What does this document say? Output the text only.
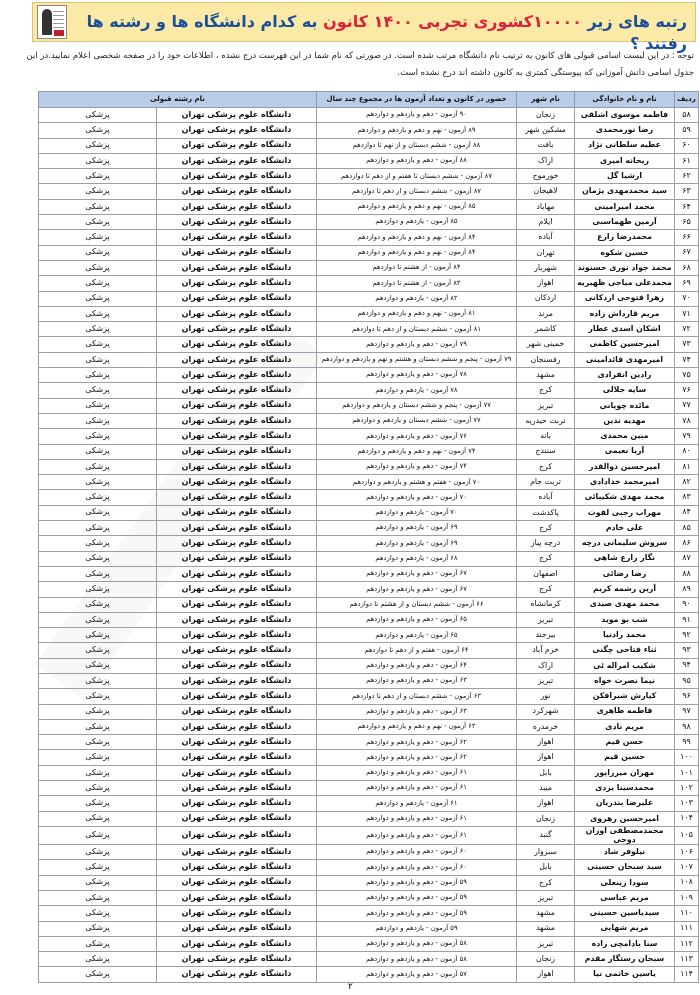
رتبه های زیر ۱۰۰۰۰کشوری تجربی ۱۴۰۰ کانون به کدام دانشگاه ها و رشته ها رفتند ؟
توجه : در این لیست اسامی قبولی های کانون به ترتیب نام دانشگاه مرتب شده است. در صورتی که نام شما در این فهرست درج نشده ، اطلاعات خود را در صفحه شخصی اعلام نمایید.در این جدول اسامی دانش آموزانی که پیوستگی کمتری به کانون داشته اند درج نشده است.
ردیف	نام و نام خانوادگی	نام شهر	حضور در کانون و تعداد آزمون ها در مجموع چند سال	نام رشته قبولی	
۵۸	فاطمه موسوی اشلقی	زنجان	۹۰ آزمون - دهم و یازدهم و دوازدهم	دانشگاه علوم پزشکی تهران	پزشکی
۵۹	رضا نورمحمدی	مشکین شهر	۸۹ آزمون - نهم و دهم و یازدهم و دوازدهم	دانشگاه علوم پزشکی تهران	پزشکی
۶۰	عطیه سلطانی نژاد	بافت	۸۸ آزمون - ششم دبستان و از نهم تا دوازدهم	دانشگاه علوم پزشکی تهران	پزشکی
۶۱	ریحانه امیری	اراک	۸۸ آزمون - دهم و یازدهم و دوازدهم	دانشگاه علوم پزشکی تهران	پزشکی
۶۲	ارشیا گل	خورموج	۸۷ آزمون - ششم دبستان تا هفتم و از دهم تا دوازدهم	دانشگاه علوم پزشکی تهران	پزشکی
۶۳	سید محمدمهدی پژمان	لاهیجان	۸۷ آزمون - ششم دبستان و از دهم تا دوازدهم	دانشگاه علوم پزشکی تهران	پزشکی
۶۴	محمد امیرامینی	مهاباد	۸۵ آزمون - نهم و دهم و یازدهم و دوازدهم	دانشگاه علوم پزشکی تهران	پزشکی
۶۵	آرمین طهماسبی	ایلام	۸۵ آزمون - یازدهم و دوازدهم	دانشگاه علوم پزشکی تهران	پزشکی
۶۶	محمدرضا زارع	آباده	۸۴ آزمون - نهم و دهم و یازدهم و دوازدهم	دانشگاه علوم پزشکی تهران	پزشکی
۶۷	حسین شکوه	تهران	۸۴ آزمون - نهم و دهم و یازدهم و دوازدهم	دانشگاه علوم پزشکی تهران	پزشکی
۶۸	محمد جواد نوری حسنوند	شهریار	۸۴ آزمون - از هشتم تا دوازدهم	دانشگاه علوم پزشکی تهران	پزشکی
۶۹	محمدعلی میاحی ظهیریه	اهواز	۸۳ آزمون - از هشتم تا دوازدهم	دانشگاه علوم پزشکی تهران	پزشکی
۷۰	زهرا فتوحی اردکانی	اردکان	۸۲ آزمون - یازدهم و دوازدهم	دانشگاه علوم پزشکی تهران	پزشکی
۷۱	مریم قارداش زاده	مرند	۸۱ آزمون - نهم و دهم و یازدهم و دوازدهم	دانشگاه علوم پزشکی تهران	پزشکی
۷۲	اشکان اسدی عطار	کاشمر	۸۱ آزمون - ششم دبستان و از دهم تا دوازدهم	دانشگاه علوم پزشکی تهران	پزشکی
۷۳	امیرحسین کاظمی	خمینی شهر	۷۹ آزمون - دهم و یازدهم و دوازدهم	دانشگاه علوم پزشکی تهران	پزشکی
۷۴	امیرمهدی قائدامینی	رفسنجان	۷۹ آزمون - پنجم و ششم دبستان و هشتم و نهم و یازدهم و دوازدهم	دانشگاه علوم پزشکی تهران	پزشکی
۷۵	رادین انفرادی	مشهد	۷۸ آزمون - دهم و یازدهم و دوازدهم	دانشگاه علوم پزشکی تهران	پزشکی
۷۶	سایه جلالی	کرج	۷۸ آزمون - یازدهم و دوازدهم	دانشگاه علوم پزشکی تهران	پزشکی
۷۷	مائده چوپانی	تبریز	۷۷ آزمون - پنجم و ششم دبستان و یازدهم و دوازدهم	دانشگاه علوم پزشکی تهران	پزشکی
۷۸	مهدیه تدین	تربت حیدریه	۷۷ آزمون - ششم دبستان و یازدهم و دوازدهم	دانشگاه علوم پزشکی تهران	پزشکی
۷۹	مبین محمدی	بانه	۷۶ آزمون - دهم و یازدهم و دوازدهم	دانشگاه علوم پزشکی تهران	پزشکی
۸۰	آریا نعیمی	سنندج	۷۴ آزمون - نهم و دهم و یازدهم و دوازدهم	دانشگاه علوم پزشکی تهران	پزشکی
۸۱	امیرحسین ذوالقدر	کرج	۷۴ آزمون - دهم و یازدهم و دوازدهم	دانشگاه علوم پزشکی تهران	پزشکی
۸۲	امیرمحمد خدادادی	تربت جام	۷۰ آزمون - هفتم و هشتم و یازدهم و دوازدهم	دانشگاه علوم پزشکی تهران	پزشکی
۸۳	محمد مهدی شکیبائی	آباده	۷۰ آزمون - دهم و یازدهم و دوازدهم	دانشگاه علوم پزشکی تهران	پزشکی
۸۴	مهراب رجبی لفوت	پاکدشت	۷۰ آزمون - یازدهم و دوازدهم	دانشگاه علوم پزشکی تهران	پزشکی
۸۵	علی خادم	کرج	۶۹ آزمون - یازدهم و دوازدهم	دانشگاه علوم پزشکی تهران	پزشکی
۸۶	سروش سلیمانی درچه	درچه پیاز	۶۹ آزمون - یازدهم و دوازدهم	دانشگاه علوم پزشکی تهران	پزشکی
۸۷	نگار زارع شاهی	کرج	۶۸ آزمون - یازدهم و دوازدهم	دانشگاه علوم پزشکی تهران	پزشکی
۸۸	رضا رضائی	اصفهان	۶۷ آزمون - دهم و یازدهم و دوازدهم	دانشگاه علوم پزشکی تهران	پزشکی
۸۹	آرین رشمه کریم	کرج	۶۷ آزمون - دهم و یازدهم و دوازدهم	دانشگاه علوم پزشکی تهران	پزشکی
۹۰	محمد مهدی صیدی	کرمانشاه	۶۶ آزمون - ششم دبستان و از هشتم تا دوازدهم	دانشگاه علوم پزشکی تهران	پزشکی
۹۱	شب بو موید	تبریز	۶۵ آزمون - دهم و یازدهم و دوازدهم	دانشگاه علوم پزشکی تهران	پزشکی
۹۲	محمد رادنیا	بیرجند	۶۵ آزمون - یازدهم و دوازدهم	دانشگاه علوم پزشکی تهران	پزشکی
۹۳	ثناء فتاحی چگنی	خرم آباد	۶۴ آزمون - هفتم و از دهم تا دوازدهم	دانشگاه علوم پزشکی تهران	پزشکی
۹۴	شکیب امراله ئی	اراک	۶۴ آزمون - دهم و یازدهم و دوازدهم	دانشگاه علوم پزشکی تهران	پزشکی
۹۵	نیما نصرت خواه	تبریز	۶۳ آزمون - دهم و یازدهم و دوازدهم	دانشگاه علوم پزشکی تهران	پزشکی
۹۶	کیارش شیرافکن	نور	۶۳ آزمون - ششم دبستان و از دهم تا دوازدهم	دانشگاه علوم پزشکی تهران	پزشکی
۹۷	فاطمه طاهری	شهرکرد	۶۳ آزمون - دهم و یازدهم و دوازدهم	دانشگاه علوم پزشکی تهران	پزشکی
۹۸	مریم نادی	خرمدره	۶۳ آزمون - نهم و دهم و یازدهم و دوازدهم	دانشگاه علوم پزشکی تهران	پزشکی
۹۹	حسن قیم	اهواز	۶۲ آزمون - دهم و یازدهم و دوازدهم	دانشگاه علوم پزشکی تهران	پزشکی
۱۰۰	حسین قیم	اهواز	۶۲ آزمون - دهم و یازدهم و دوازدهم	دانشگاه علوم پزشکی تهران	پزشکی
۱۰۱	مهران میرزاپور	بابل	۶۱ آزمون - دهم و یازدهم و دوازدهم	دانشگاه علوم پزشکی تهران	پزشکی
۱۰۲	محمدسینا یزدی	میبد	۶۱ آزمون - دهم و یازدهم و دوازدهم	دانشگاه علوم پزشکی تهران	پزشکی
۱۰۳	علیرضا بندریان	اهواز	۶۱ آزمون - یازدهم و دوازدهم	دانشگاه علوم پزشکی تهران	پزشکی
۱۰۴	امیرحسین رهروی	زنجان	۶۱ آزمون - دهم و یازدهم و دوازدهم	دانشگاه علوم پزشکی تهران	پزشکی
۱۰۵	محمدمصطفی اوزان دوجی	گنبد	۶۱ آزمون - دهم و یازدهم و دوازدهم	دانشگاه علوم پزشکی تهران	پزشکی
۱۰۶	نیلوفر شاد	سبزوار	۶۰ آزمون - دهم و یازدهم و دوازدهم	دانشگاه علوم پزشکی تهران	پزشکی
۱۰۷	سید سبحان حسینی	بابل	۶۰ آزمون - دهم و یازدهم و دوازدهم	دانشگاه علوم پزشکی تهران	پزشکی
۱۰۸	سودا زینعلی	کرج	۵۹ آزمون - دهم و یازدهم و دوازدهم	دانشگاه علوم پزشکی تهران	پزشکی
۱۰۹	مریم عباسی	تبریز	۵۹ آزمون - دهم و یازدهم و دوازدهم	دانشگاه علوم پزشکی تهران	پزشکی
۱۱۰	سیدیاسین حسینی	مشهد	۵۹ آزمون - دهم و یازدهم و دوازدهم	دانشگاه علوم پزشکی تهران	پزشکی
۱۱۱	مریم شهابی	مشهد	۵۹ آزمون - یازدهم و دوازدهم	دانشگاه علوم پزشکی تهران	پزشکی
۱۱۲	سنا بادامچی زاده	تبریز	۵۸ آزمون - دهم و یازدهم و دوازدهم	دانشگاه علوم پزشکی تهران	پزشکی
۱۱۳	سبحان رستگار مقدم	زنجان	۵۸ آزمون - دهم و یازدهم و دوازدهم	دانشگاه علوم پزشکی تهران	پزشکی
۱۱۴	یاسین خاتمی نیا	اهواز	۵۷ آزمون - دهم و یازدهم و دوازدهم	دانشگاه علوم پزشکی تهران	پزشکی
۲
